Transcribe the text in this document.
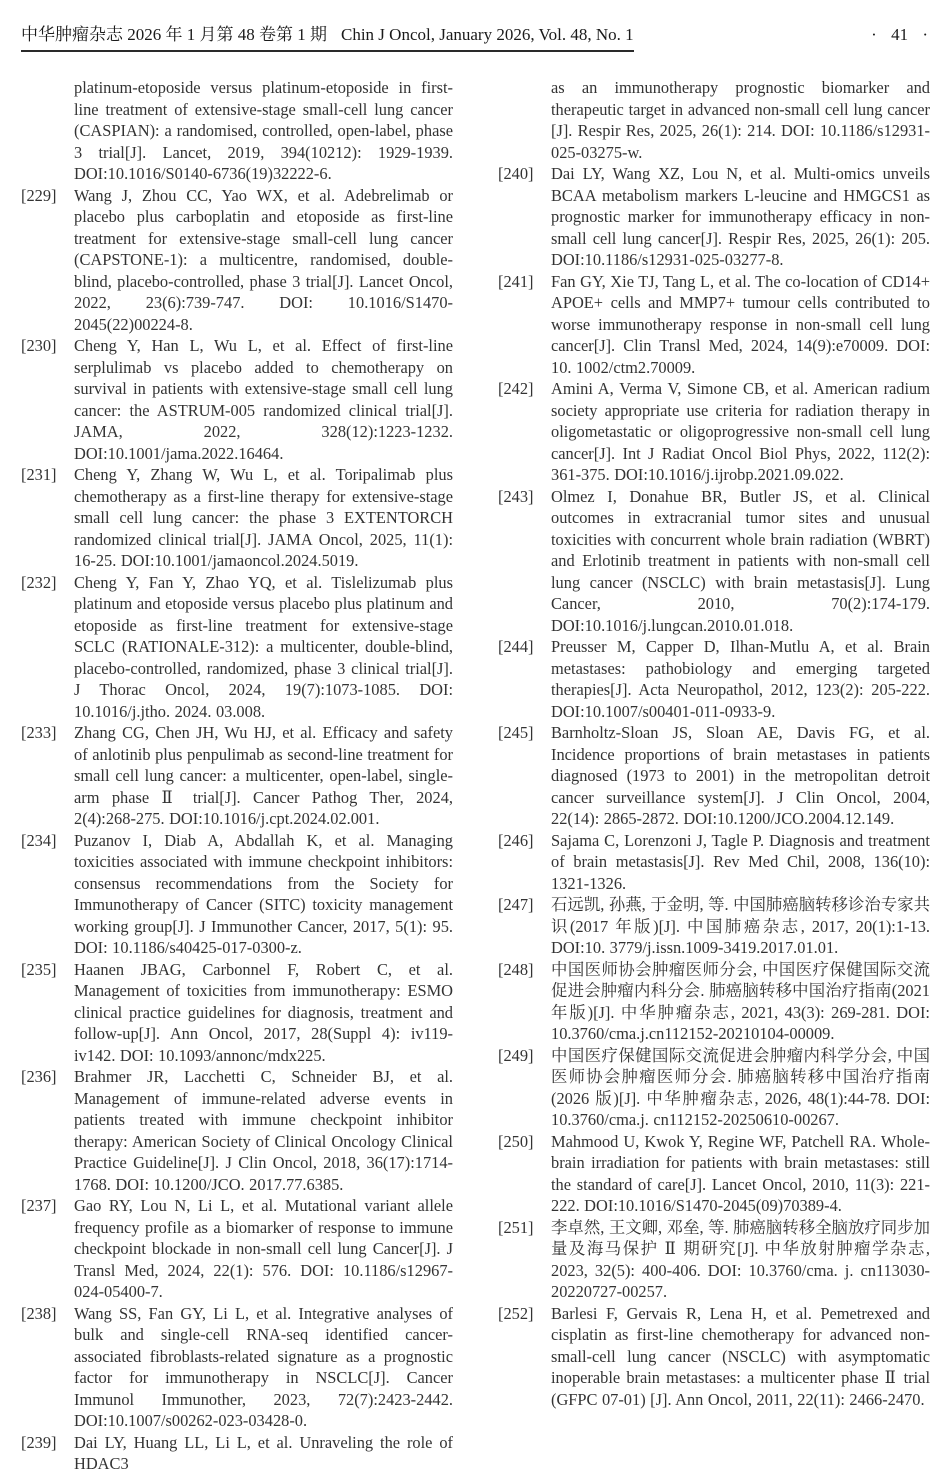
中华肿瘤杂志 2026 年 1 月第 48 卷第 1 期 Chin J Oncol, January 2026, Vol. 48, No. 1	· 41 ·

platinum-etoposide versus platinum-etoposide in first-line treatment of extensive-stage small-cell lung cancer (CASPIAN): a randomised, controlled, open-label, phase 3 trial[J]. Lancet, 2019, 394(10212): 1929-1939. DOI:10.1016/S0140-6736(19)32222-6.

[229]	Wang J, Zhou CC, Yao WX, et al. Adebrelimab or placebo plus carboplatin and etoposide as first-line treatment for extensive-stage small-cell lung cancer (CAPSTONE-1): a multicentre, randomised, double-blind, placebo-controlled, phase 3 trial[J]. Lancet Oncol, 2022, 23(6):739-747. DOI: 10.1016/S1470-2045(22)00224-8.

[230]	Cheng Y, Han L, Wu L, et al. Effect of first-line serplulimab vs placebo added to chemotherapy on survival in patients with extensive-stage small cell lung cancer: the ASTRUM-005 randomized clinical trial[J]. JAMA, 2022, 328(12):1223-1232. DOI:10.1001/jama.2022.16464.

[231]	Cheng Y, Zhang W, Wu L, et al. Toripalimab plus chemotherapy as a first-line therapy for extensive-stage small cell lung cancer: the phase 3 EXTENTORCH randomized clinical trial[J]. JAMA Oncol, 2025, 11(1): 16-25. DOI:10.1001/jamaoncol.2024.5019.

[232]	Cheng Y, Fan Y, Zhao YQ, et al. Tislelizumab plus platinum and etoposide versus placebo plus platinum and etoposide as first-line treatment for extensive-stage SCLC (RATIONALE-312): a multicenter, double-blind, placebo-controlled, randomized, phase 3 clinical trial[J]. J Thorac Oncol, 2024, 19(7):1073-1085. DOI: 10.1016/j.jtho. 2024. 03.008.

[233]	Zhang CG, Chen JH, Wu HJ, et al. Efficacy and safety of anlotinib plus penpulimab as second-line treatment for small cell lung cancer: a multicenter, open-label, single-arm phase Ⅱ trial[J]. Cancer Pathog Ther, 2024, 2(4):268-275. DOI:10.1016/j.cpt.2024.02.001.

[234]	Puzanov I, Diab A, Abdallah K, et al. Managing toxicities associated with immune checkpoint inhibitors: consensus recommendations from the Society for Immunotherapy of Cancer (SITC) toxicity management working group[J]. J Immunother Cancer, 2017, 5(1): 95. DOI: 10.1186/s40425-017-0300-z.

[235]	Haanen JBAG, Carbonnel F, Robert C, et al. Management of toxicities from immunotherapy: ESMO clinical practice guidelines for diagnosis, treatment and follow-up[J]. Ann Oncol, 2017, 28(Suppl 4): iv119-iv142. DOI: 10.1093/annonc/mdx225.

[236]	Brahmer JR, Lacchetti C, Schneider BJ, et al. Management of immune-related adverse events in patients treated with immune checkpoint inhibitor therapy: American Society of Clinical Oncology Clinical Practice Guideline[J]. J Clin Oncol, 2018, 36(17):1714-1768. DOI: 10.1200/JCO. 2017.77.6385.

[237]	Gao RY, Lou N, Li L, et al. Mutational variant allele frequency profile as a biomarker of response to immune checkpoint blockade in non-small cell lung Cancer[J]. J Transl Med, 2024, 22(1): 576. DOI: 10.1186/s12967-024-05400-7.

[238]	Wang SS, Fan GY, Li L, et al. Integrative analyses of bulk and single-cell RNA-seq identified cancer-associated fibroblasts-related signature as a prognostic factor for immunotherapy in NSCLC[J]. Cancer Immunol Immunother, 2023, 72(7):2423-2442. DOI:10.1007/s00262-023-03428-0.

[239]	Dai LY, Huang LL, Li L, et al. Unraveling the role of HDAC3

as an immunotherapy prognostic biomarker and therapeutic target in advanced non-small cell lung cancer [J]. Respir Res, 2025, 26(1): 214. DOI: 10.1186/s12931-025-03275-w.

[240]	Dai LY, Wang XZ, Lou N, et al. Multi-omics unveils BCAA metabolism markers L-leucine and HMGCS1 as prognostic marker for immunotherapy efficacy in non-small cell lung cancer[J]. Respir Res, 2025, 26(1): 205. DOI:10.1186/s12931-025-03277-8.

[241]	Fan GY, Xie TJ, Tang L, et al. The co-location of CD14+ APOE+ cells and MMP7+ tumour cells contributed to worse immunotherapy response in non-small cell lung cancer[J]. Clin Transl Med, 2024, 14(9):e70009. DOI: 10. 1002/ctm2.70009.

[242]	Amini A, Verma V, Simone CB, et al. American radium society appropriate use criteria for radiation therapy in oligometastatic or oligoprogressive non-small cell lung cancer[J]. Int J Radiat Oncol Biol Phys, 2022, 112(2): 361-375. DOI:10.1016/j.ijrobp.2021.09.022.

[243]	Olmez I, Donahue BR, Butler JS, et al. Clinical outcomes in extracranial tumor sites and unusual toxicities with concurrent whole brain radiation (WBRT) and Erlotinib treatment in patients with non-small cell lung cancer (NSCLC) with brain metastasis[J]. Lung Cancer, 2010, 70(2):174-179. DOI:10.1016/j.lungcan.2010.01.018.

[244]	Preusser M, Capper D, Ilhan-Mutlu A, et al. Brain metastases: pathobiology and emerging targeted therapies[J]. Acta Neuropathol, 2012, 123(2): 205-222. DOI:10.1007/s00401-011-0933-9.

[245]	Barnholtz-Sloan JS, Sloan AE, Davis FG, et al. Incidence proportions of brain metastases in patients diagnosed (1973 to 2001) in the metropolitan detroit cancer surveillance system[J]. J Clin Oncol, 2004, 22(14): 2865-2872. DOI:10.1200/JCO.2004.12.149.

[246]	Sajama C, Lorenzoni J, Tagle P. Diagnosis and treatment of brain metastasis[J]. Rev Med Chil, 2008, 136(10): 1321-1326.

[247]	石远凯, 孙燕, 于金明, 等. 中国肺癌脑转移诊治专家共识(2017 年版)[J]. 中国肺癌杂志, 2017, 20(1):1-13. DOI:10. 3779/j.issn.1009-3419.2017.01.01.

[248]	中国医师协会肿瘤医师分会, 中国医疗保健国际交流促进会肿瘤内科分会. 肺癌脑转移中国治疗指南(2021 年版)[J]. 中华肿瘤杂志, 2021, 43(3): 269-281. DOI: 10.3760/cma.j.cn112152-20210104-00009.

[249]	中国医疗保健国际交流促进会肿瘤内科学分会, 中国医师协会肿瘤医师分会. 肺癌脑转移中国治疗指南(2026 版)[J]. 中华肿瘤杂志, 2026, 48(1):44-78. DOI: 10.3760/cma.j. cn112152-20250610-00267.

[250]	Mahmood U, Kwok Y, Regine WF, Patchell RA. Whole-brain irradiation for patients with brain metastases: still the standard of care[J]. Lancet Oncol, 2010, 11(3): 221-222. DOI:10.1016/S1470-2045(09)70389-4.

[251]	李卓然, 王文卿, 邓垒, 等. 肺癌脑转移全脑放疗同步加量及海马保护 Ⅱ 期研究[J]. 中华放射肿瘤学杂志, 2023, 32(5): 400-406. DOI: 10.3760/cma. j. cn113030-20220727-00257.

[252]	Barlesi F, Gervais R, Lena H, et al. Pemetrexed and cisplatin as first-line chemotherapy for advanced non-small-cell lung cancer (NSCLC) with asymptomatic inoperable brain metastases: a multicenter phase Ⅱ trial (GFPC 07-01) [J]. Ann Oncol, 2011, 22(11): 2466-2470.
